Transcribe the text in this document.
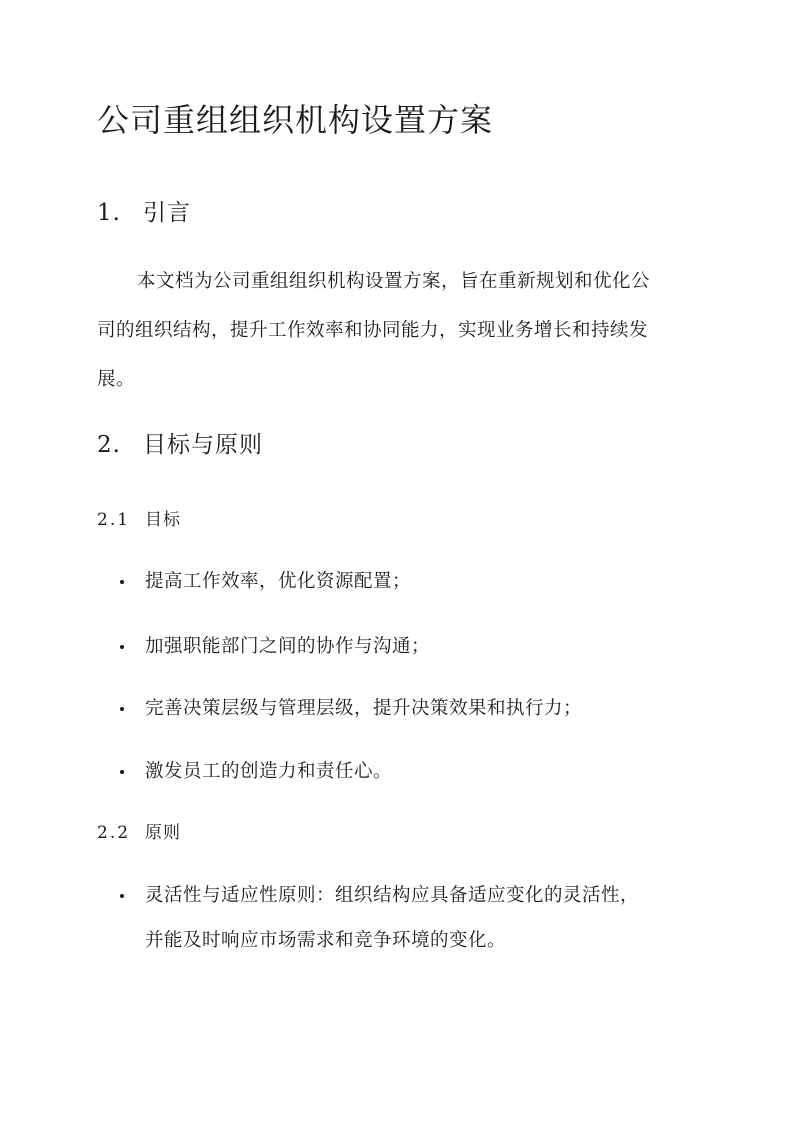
公司重组组织机构设置方案
1. 引言
本文档为公司重组组织机构设置方案，旨在重新规划和优化公
司的组织结构，提升工作效率和协同能力，实现业务增长和持续发
展。
2. 目标与原则
2.1 目标
提高工作效率，优化资源配置；
加强职能部门之间的协作与沟通；
完善决策层级与管理层级，提升决策效果和执行力；
激发员工的创造力和责任心。
2.2 原则
灵活性与适应性原则：组织结构应具备适应变化的灵活性，
并能及时响应市场需求和竞争环境的变化。
